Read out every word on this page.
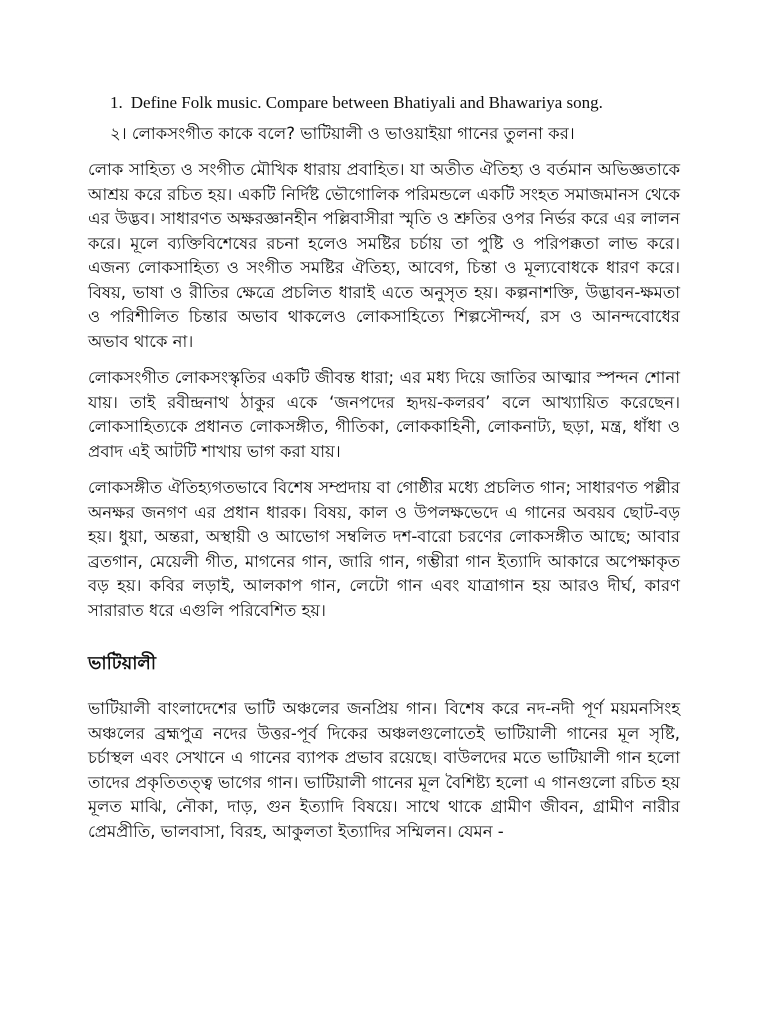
1. Define Folk music. Compare between Bhatiyali and Bhawariya song.

২। লোকসংগীত কাকে বলে? ভাটিয়ালী ও ভাওয়াইয়া গানের তুলনা কর।

লোক সাহিত্য ও সংগীত মৌখিক ধারায় প্রবাহিত। যা অতীত ঐতিহ্য ও বর্তমান অভিজ্ঞতাকে আশ্রয় করে রচিত হয়। একটি নির্দিষ্ট ভৌগোলিক পরিমন্ডলে একটি সংহত সমাজমানস থেকে এর উদ্ভব। সাধারণত অক্ষরজ্ঞানহীন পল্লিবাসীরা স্মৃতি ও শ্রুতির ওপর নির্ভর করে এর লালন করে। মূলে ব্যক্তিবিশেষের রচনা হলেও সমষ্টির চর্চায় তা পুষ্টি ও পরিপক্কতা লাভ করে। এজন্য লোকসাহিত্য ও সংগীত সমষ্টির ঐতিহ্য, আবেগ, চিন্তা ও মূল্যবোধকে ধারণ করে। বিষয়, ভাষা ও রীতির ক্ষেত্রে প্রচলিত ধারাই এতে অনুসৃত হয়। কল্পনাশক্তি, উদ্ভাবন-ক্ষমতা ও পরিশীলিত চিন্তার অভাব থাকলেও লোকসাহিত্যে শিল্পসৌন্দর্য, রস ও আনন্দবোধের অভাব থাকে না।

লোকসংগীত লোকসংস্কৃতির একটি জীবন্ত ধারা; এর মধ্য দিয়ে জাতির আত্মার স্পন্দন শোনা যায়। তাই রবীন্দ্রনাথ ঠাকুর একে ‘জনপদের হৃদয়-কলরব’ বলে আখ্যায়িত করেছেন। লোকসাহিত্যকে প্রধানত লোকসঙ্গীত, গীতিকা, লোককাহিনী, লোকনাট্য, ছড়া, মন্ত্র, ধাঁধা ও প্রবাদ এই আটটি শাখায় ভাগ করা যায়।

লোকসঙ্গীত ঐতিহ্যগতভাবে বিশেষ সম্প্রদায় বা গোষ্ঠীর মধ্যে প্রচলিত গান; সাধারণত পল্লীর অনক্ষর জনগণ এর প্রধান ধারক। বিষয়, কাল ও উপলক্ষভেদে এ গানের অবয়ব ছোট-বড় হয়। ধুয়া, অন্তরা, অস্থায়ী ও আভোগ সম্বলিত দশ-বারো চরণের লোকসঙ্গীত আছে; আবার ব্রতগান, মেয়েলী গীত, মাগনের গান, জারি গান, গম্ভীরা গান ইত্যাদি আকারে অপেক্ষাকৃত বড় হয়। কবির লড়াই, আলকাপ গান, লেটো গান এবং যাত্রাগান হয় আরও দীর্ঘ, কারণ সারারাত ধরে এগুলি পরিবেশিত হয়।

ভাটিয়ালী

ভাটিয়ালী বাংলাদেশের ভাটি অঞ্চলের জনপ্রিয় গান। বিশেষ করে নদ-নদী পূর্ণ ময়মনসিংহ অঞ্চলের ব্রহ্মপুত্র নদের উত্তর-পূর্ব দিকের অঞ্চলগুলোতেই ভাটিয়ালী গানের মূল সৃষ্টি, চর্চাস্থল এবং সেখানে এ গানের ব্যাপক প্রভাব রয়েছে। বাউলদের মতে ভাটিয়ালী গান হলো তাদের প্রকৃতিতত্ত্ব ভাগের গান। ভাটিয়ালী গানের মূল বৈশিষ্ট্য হলো এ গানগুলো রচিত হয় মূলত মাঝি, নৌকা, দাড়, গুন ইত্যাদি বিষয়ে। সাথে থাকে গ্রামীণ জীবন, গ্রামীণ নারীর প্রেমপ্রীতি, ভালবাসা, বিরহ, আকুলতা ইত্যাদির সম্মিলন। যেমন -
